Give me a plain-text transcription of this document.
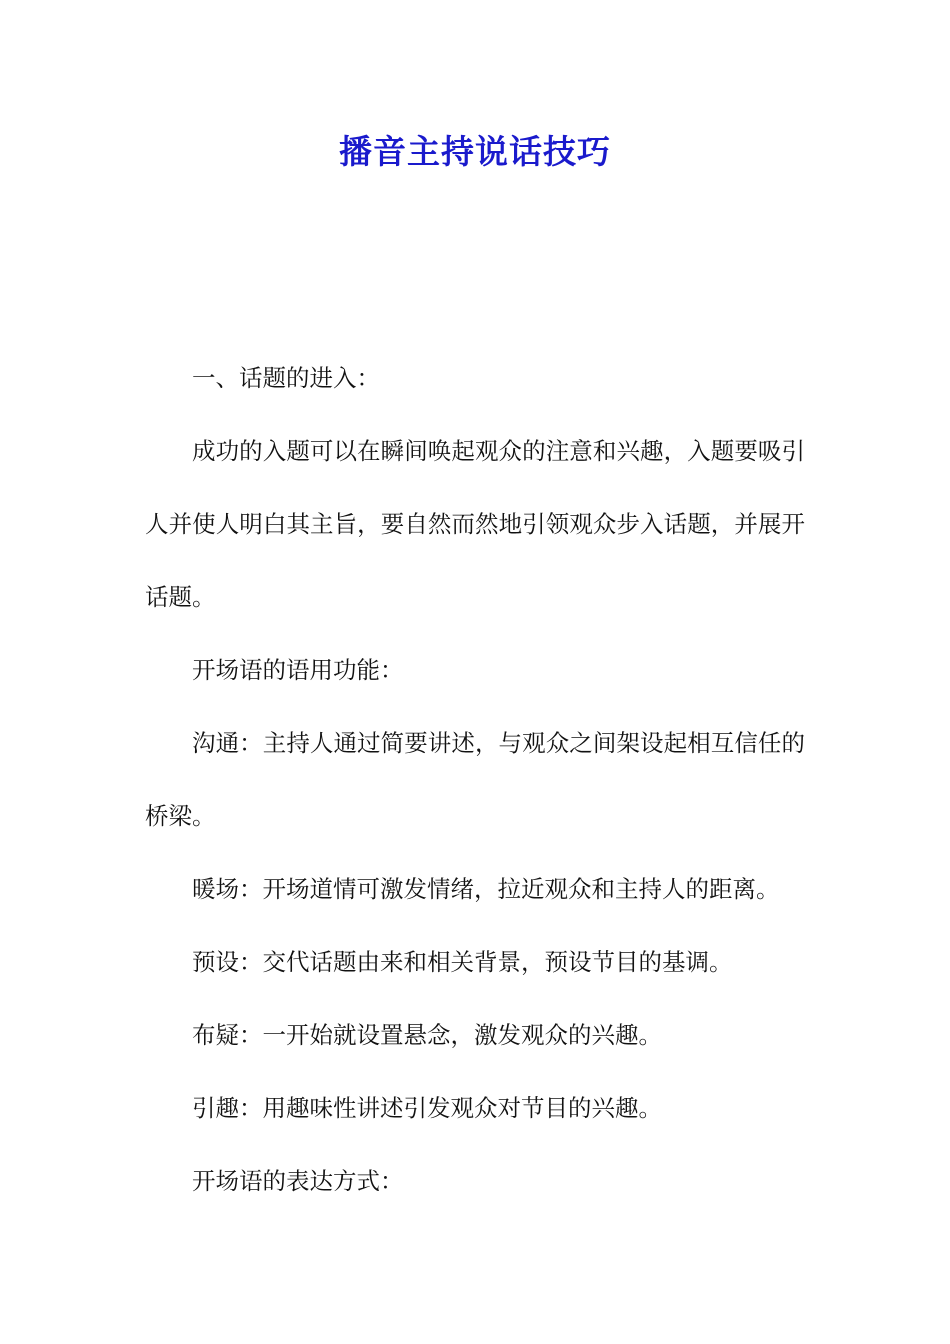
播音主持说话技巧

一、话题的进入：

成功的入题可以在瞬间唤起观众的注意和兴趣，入题要吸引人并使人明白其主旨，要自然而然地引领观众步入话题，并展开话题。

开场语的语用功能：

沟通：主持人通过简要讲述，与观众之间架设起相互信任的桥梁。

暖场：开场道情可激发情绪，拉近观众和主持人的距离。

预设：交代话题由来和相关背景，预设节目的基调。

布疑：一开始就设置悬念，激发观众的兴趣。

引趣：用趣味性讲述引发观众对节目的兴趣。

开场语的表达方式：
